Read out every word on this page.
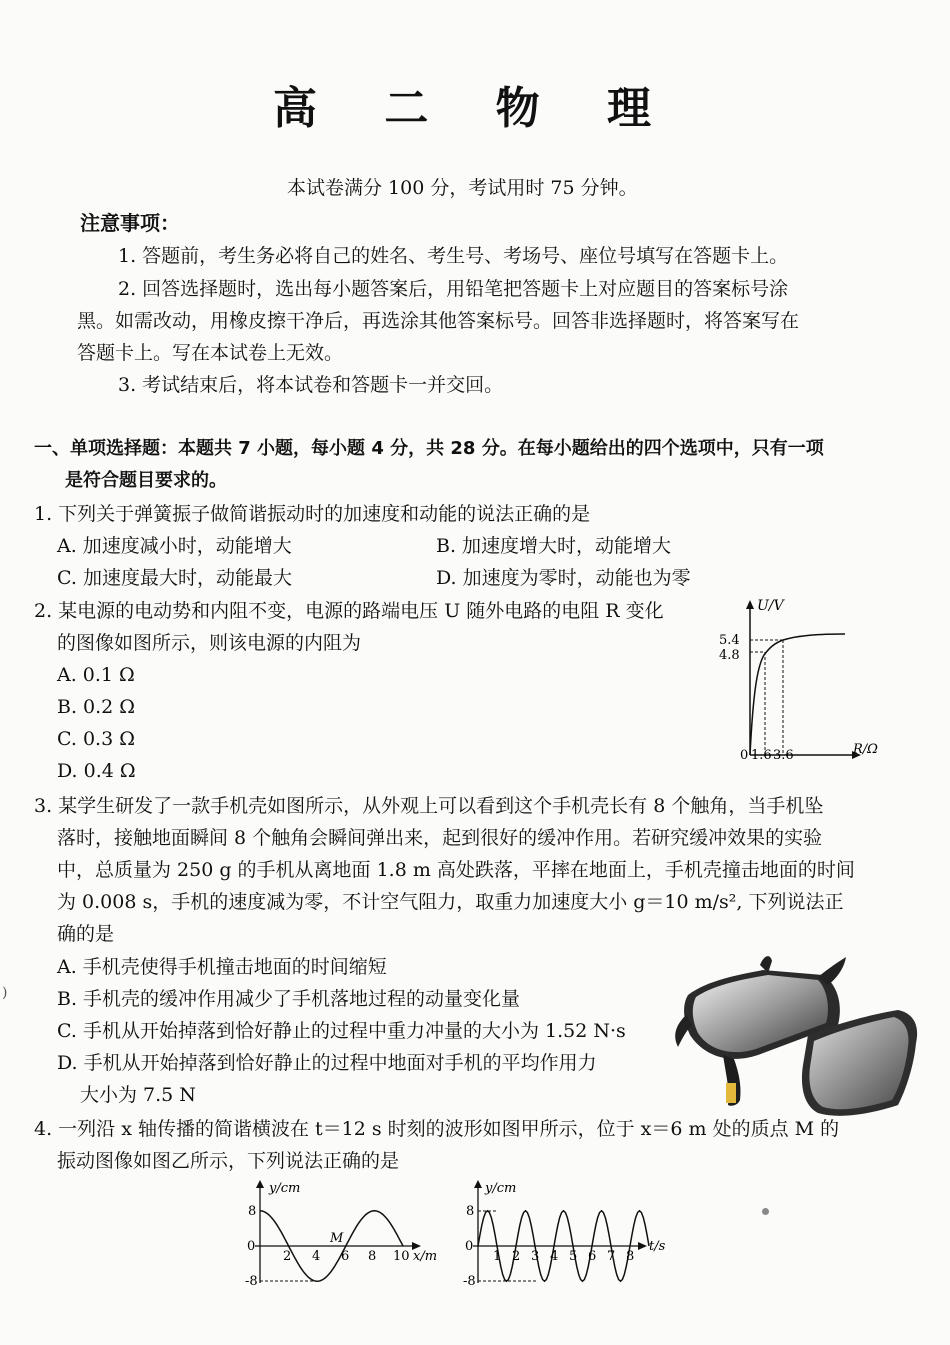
高 二 物 理
本试卷满分 100 分，考试用时 75 分钟。
注意事项：
1. 答题前，考生务必将自己的姓名、考生号、考场号、座位号填写在答题卡上。
2. 回答选择题时，选出每小题答案后，用铅笔把答题卡上对应题目的答案标号涂
黑。如需改动，用橡皮擦干净后，再选涂其他答案标号。回答非选择题时，将答案写在
答题卡上。写在本试卷上无效。
3. 考试结束后，将本试卷和答题卡一并交回。
一、单项选择题：本题共 7 小题，每小题 4 分，共 28 分。在每小题给出的四个选项中，只有一项
是符合题目要求的。
1. 下列关于弹簧振子做简谐振动时的加速度和动能的说法正确的是
A. 加速度减小时，动能增大	B. 加速度增大时，动能增大
C. 加速度最大时，动能最大	D. 加速度为零时，动能也为零
2. 某电源的电动势和内阻不变，电源的路端电压 U 随外电路的电阻 R 变化
的图像如图所示，则该电源的内阻为
A. 0.1 Ω
B. 0.2 Ω
C. 0.3 Ω
D. 0.4 Ω
U/V
5.4
4.8
0 1.6 3.6	R/Ω
3. 某学生研发了一款手机壳如图所示，从外观上可以看到这个手机壳长有 8 个触角，当手机坠
落时，接触地面瞬间 8 个触角会瞬间弹出来，起到很好的缓冲作用。若研究缓冲效果的实验
中，总质量为 250 g 的手机从离地面 1.8 m 高处跌落，平摔在地面上，手机壳撞击地面的时间
为 0.008 s，手机的速度减为零，不计空气阻力，取重力加速度大小 g＝10 m/s², 下列说法正
确的是
A. 手机壳使得手机撞击地面的时间缩短
B. 手机壳的缓冲作用减少了手机落地过程的动量变化量
C. 手机从开始掉落到恰好静止的过程中重力冲量的大小为 1.52 N·s
D. 手机从开始掉落到恰好静止的过程中地面对手机的平均作用力
大小为 7.5 N
)
4. 一列沿 x 轴传播的简谐横波在 t＝12 s 时刻的波形如图甲所示，位于 x＝6 m 处的质点 M 的
振动图像如图乙所示，下列说法正确的是
y/cm
8
0
-8
2 4 6 8 10 x/m
M
y/cm
8
0
-8
1 2 3 4 5 6 7 8
t/s
